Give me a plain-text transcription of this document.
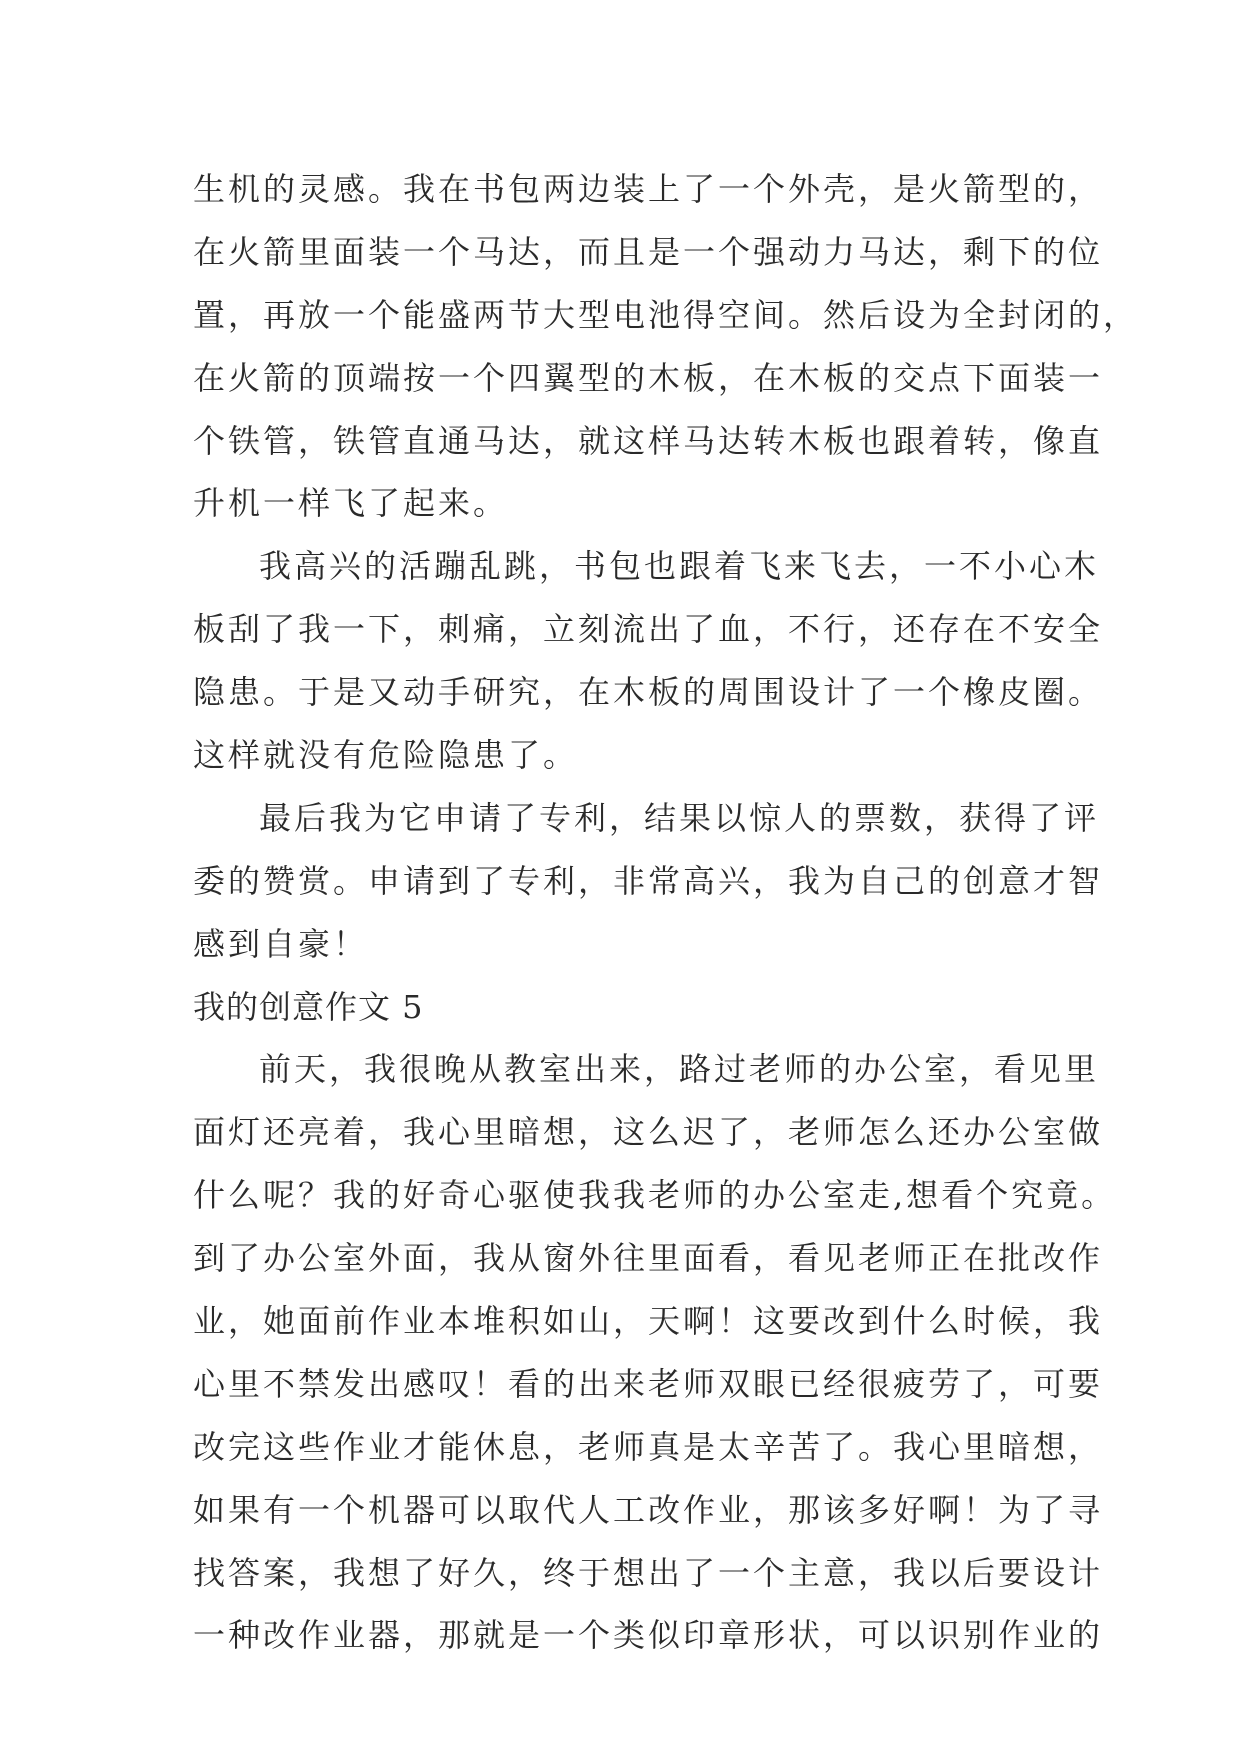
生机的灵感。我在书包两边装上了一个外壳，是火箭型的，
在火箭里面装一个马达，而且是一个强动力马达，剩下的位
置，再放一个能盛两节大型电池得空间。然后设为全封闭的，
在火箭的顶端按一个四翼型的木板，在木板的交点下面装一
个铁管，铁管直通马达，就这样马达转木板也跟着转，像直
升机一样飞了起来。
我高兴的活蹦乱跳，书包也跟着飞来飞去，一不小心木
板刮了我一下，刺痛，立刻流出了血，不行，还存在不安全
隐患。于是又动手研究，在木板的周围设计了一个橡皮圈。
这样就没有危险隐患了。
最后我为它申请了专利，结果以惊人的票数，获得了评
委的赞赏。申请到了专利，非常高兴，我为自己的创意才智
感到自豪！
我的创意作文 5
前天，我很晚从教室出来，路过老师的办公室，看见里
面灯还亮着，我心里暗想，这么迟了，老师怎么还办公室做
什么呢？我的好奇心驱使我我老师的办公室走,想看个究竟。
到了办公室外面，我从窗外往里面看，看见老师正在批改作
业，她面前作业本堆积如山，天啊！这要改到什么时候，我
心里不禁发出感叹！看的出来老师双眼已经很疲劳了，可要
改完这些作业才能休息，老师真是太辛苦了。我心里暗想，
如果有一个机器可以取代人工改作业，那该多好啊！为了寻
找答案，我想了好久，终于想出了一个主意，我以后要设计
一种改作业器，那就是一个类似印章形状，可以识别作业的
